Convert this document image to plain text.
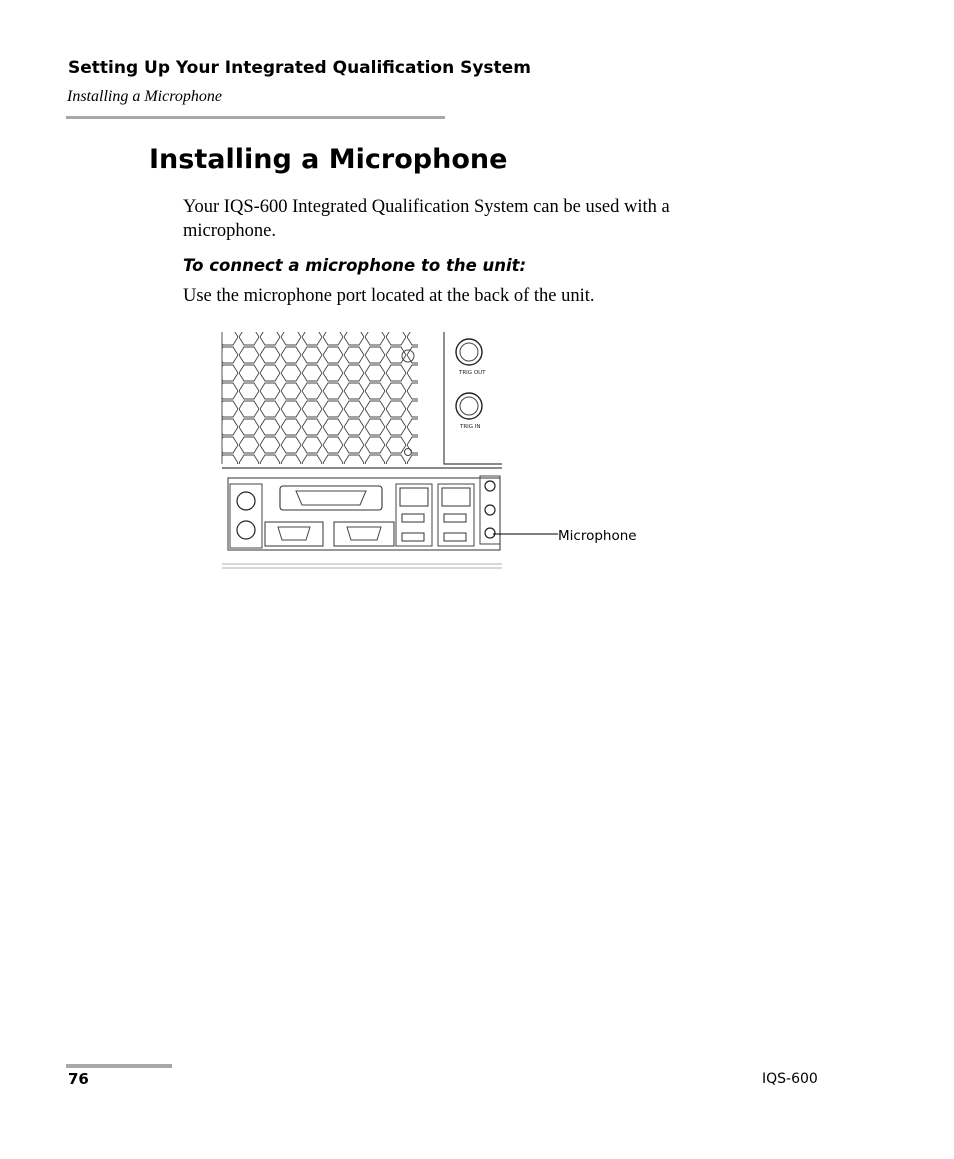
Setting Up Your Integrated Qualification System
Installing a Microphone
Installing a Microphone
Your IQS-600 Integrated Qualification System can be used with a microphone.
To connect a microphone to the unit:
Use the microphone port located at the back of the unit.
TRIG OUT
TRIG IN
Microphone
76	IQS-600
